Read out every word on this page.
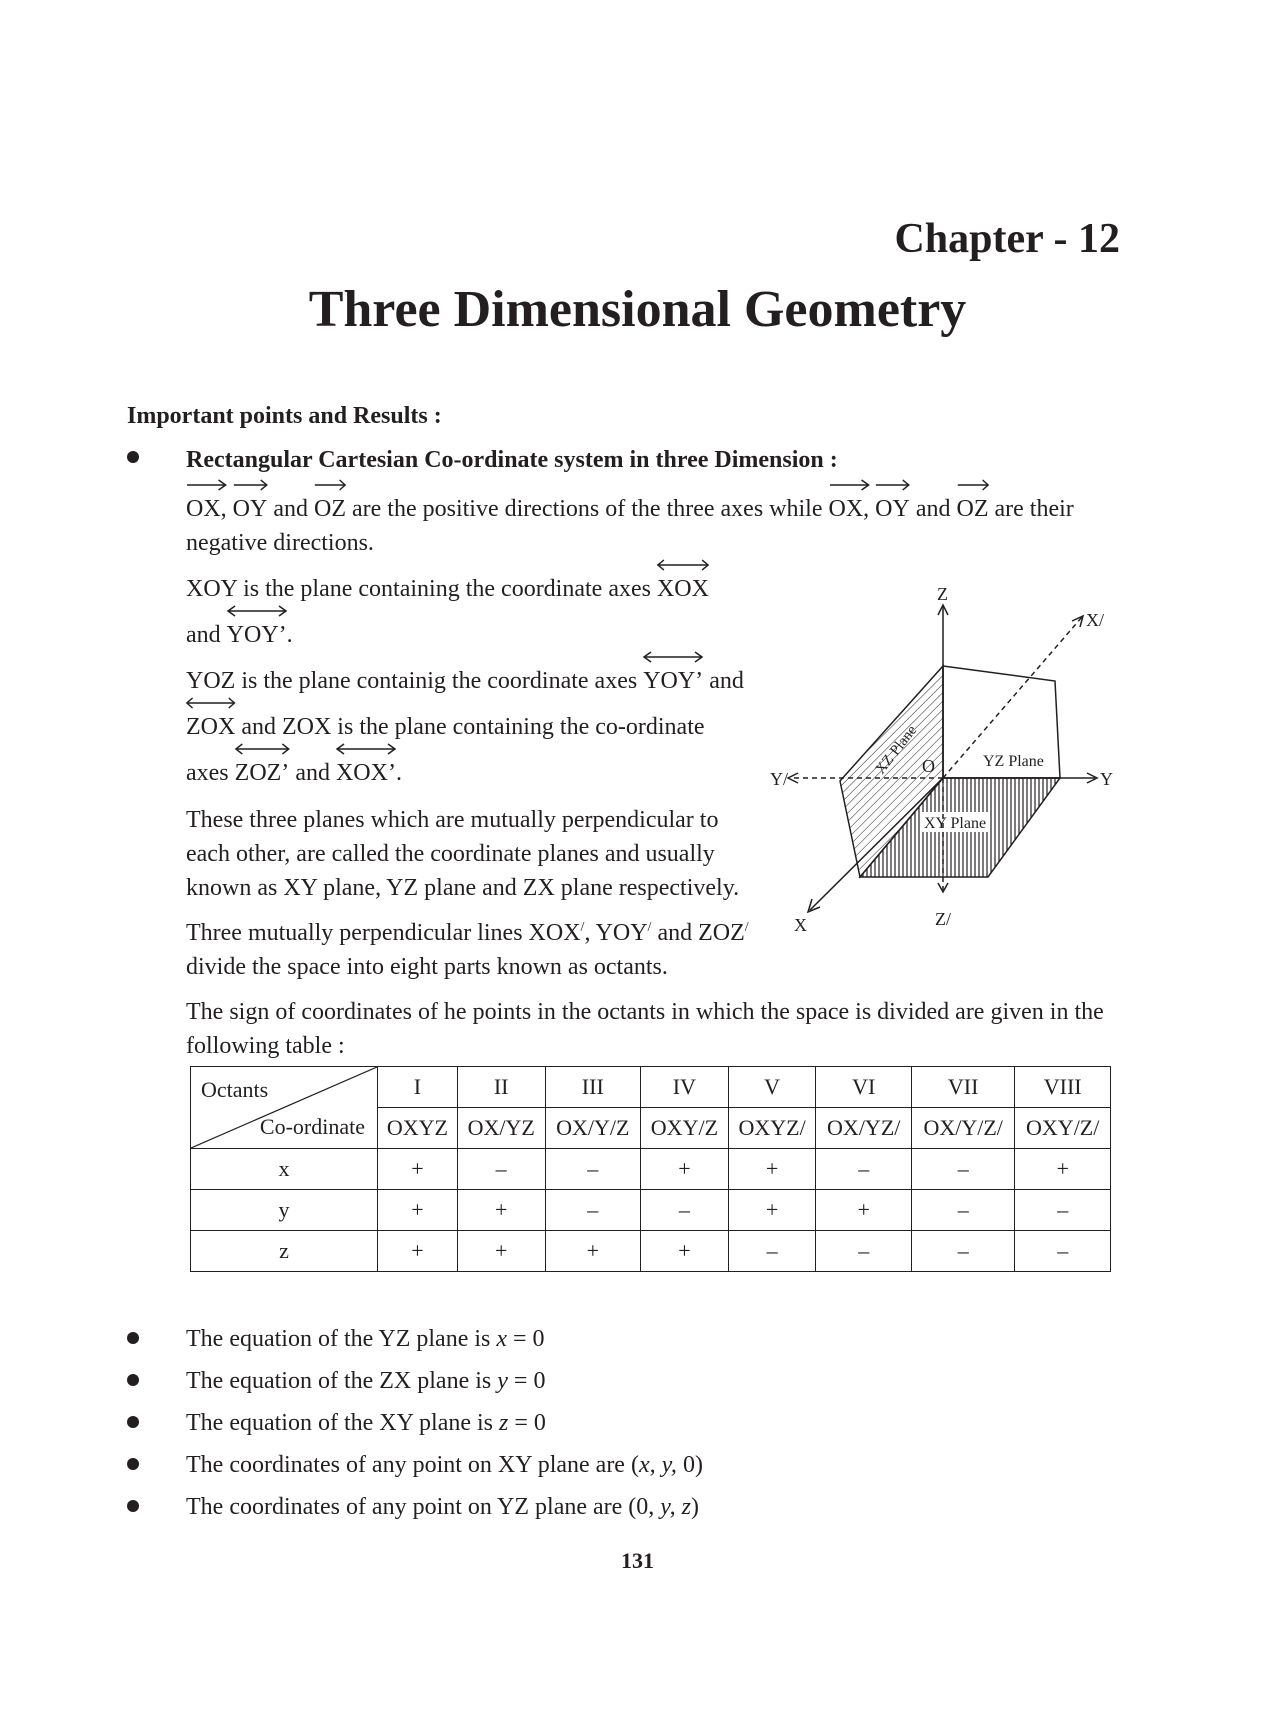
Chapter - 12
Three Dimensional Geometry
Important points and Results :
Rectangular Cartesian Co-ordinate system in three Dimension :
OX, OY and OZ are the positive directions of the three axes while OX, OY and OZ are their
negative directions.
XOY is the plane containing the coordinate axes XOX
and YOY’.
YOZ is the plane containig the coordinate axes YOY’ and
ZOX and ZOX is the plane containing the co-ordinate
axes ZOZ’ and XOX’.
These three planes which are mutually perpendicular to
each other, are called the coordinate planes and usually
known as XY plane, YZ plane and ZX plane respectively.
Three mutually perpendicular lines XOX/, YOY/ and ZOZ/
divide the space into eight parts known as octants.
The sign of coordinates of he points in the octants in which the space is divided are given in the
following table :
Z
Z/
X
X/
Y
Y/
O
XZ Plane	YZ Plane
XY Plane
Octants
Co-ordinate	I	II	III	IV	V	VI	VII	VIII
	OXYZ	OX/YZ	OX/Y/Z	OXY/Z	OXYZ/	OX/YZ/	OX/Y/Z/	OXY/Z/
x	+	–	–	+	+	–	–	+
y	+	+	–	–	+	+	–	–
z	+	+	+	+	–	–	–	–
The equation of the YZ plane is x = 0
The equation of the ZX plane is y = 0
The equation of the XY plane is z = 0
The coordinates of any point on XY plane are (x, y, 0)
The coordinates of any point on YZ plane are (0, y, z)
131
